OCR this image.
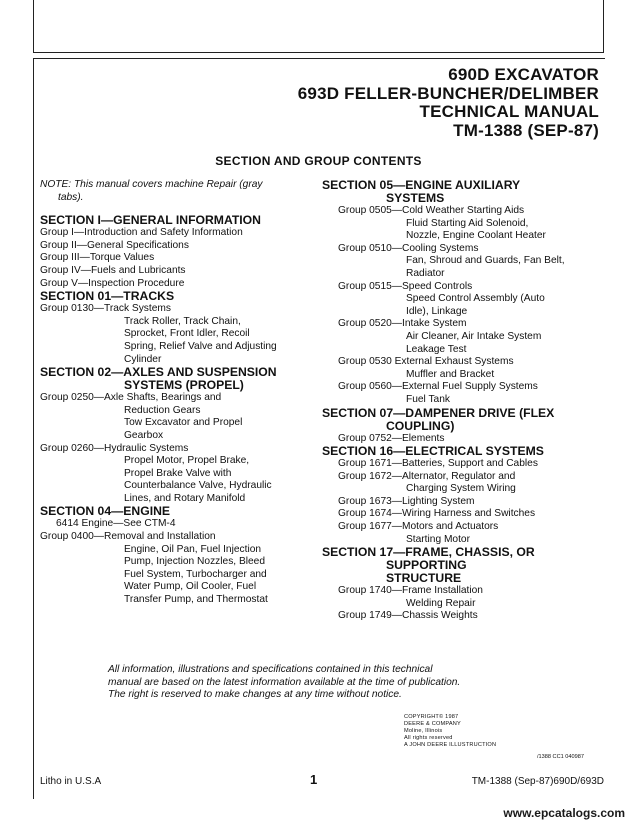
690D EXCAVATOR
693D FELLER-BUNCHER/DELIMBER
TECHNICAL MANUAL
TM-1388 (SEP-87)
SECTION AND GROUP CONTENTS
NOTE: This manual covers machine Repair (gray
tabs).
SECTION I—GENERAL INFORMATION
Group I—Introduction and Safety Information
Group II—General Specifications
Group III—Torque Values
Group IV—Fuels and Lubricants
Group V—Inspection Procedure
SECTION 01—TRACKS
Group 0130—Track Systems
Track Roller, Track Chain,
Sprocket, Front Idler, Recoil
Spring, Relief Valve and Adjusting
Cylinder
SECTION 02—AXLES AND SUSPENSION
SYSTEMS (PROPEL)
Group 0250—Axle Shafts, Bearings and
Reduction Gears
Tow Excavator and Propel
Gearbox
Group 0260—Hydraulic Systems
Propel Motor, Propel Brake,
Propel Brake Valve with
Counterbalance Valve, Hydraulic
Lines, and Rotary Manifold
SECTION 04—ENGINE
6414 Engine—See CTM-4
Group 0400—Removal and Installation
Engine, Oil Pan, Fuel Injection
Pump, Injection Nozzles, Bleed
Fuel System, Turbocharger and
Water Pump, Oil Cooler, Fuel
Transfer Pump, and Thermostat
SECTION 05—ENGINE AUXILIARY
SYSTEMS
Group 0505—Cold Weather Starting Aids
Fluid Starting Aid Solenoid,
Nozzle, Engine Coolant Heater
Group 0510—Cooling Systems
Fan, Shroud and Guards, Fan Belt,
Radiator
Group 0515—Speed Controls
Speed Control Assembly (Auto
Idle), Linkage
Group 0520—Intake System
Air Cleaner, Air Intake System
Leakage Test
Group 0530 External Exhaust Systems
Muffler and Bracket
Group 0560—External Fuel Supply Systems
Fuel Tank
SECTION 07—DAMPENER DRIVE (FLEX
COUPLING)
Group 0752—Elements
SECTION 16—ELECTRICAL SYSTEMS
Group 1671—Batteries, Support and Cables
Group 1672—Alternator, Regulator and
Charging System Wiring
Group 1673—Lighting System
Group 1674—Wiring Harness and Switches
Group 1677—Motors and Actuators
Starting Motor
SECTION 17—FRAME, CHASSIS, OR
SUPPORTING
STRUCTURE
Group 1740—Frame Installation
Welding Repair
Group 1749—Chassis Weights
All information, illustrations and specifications contained in this technical
manual are based on the latest information available at the time of publication.
The right is reserved to make changes at any time without notice.
COPYRIGHT© 1987
DEERE & COMPANY
Moline, Illinois
All rights reserved
A JOHN DEERE ILLUSTRUCTION
/1388 CC1 040987
Litho in U.S.A	1	TM-1388 (Sep-87)690D/693D
www.epcatalogs.com
